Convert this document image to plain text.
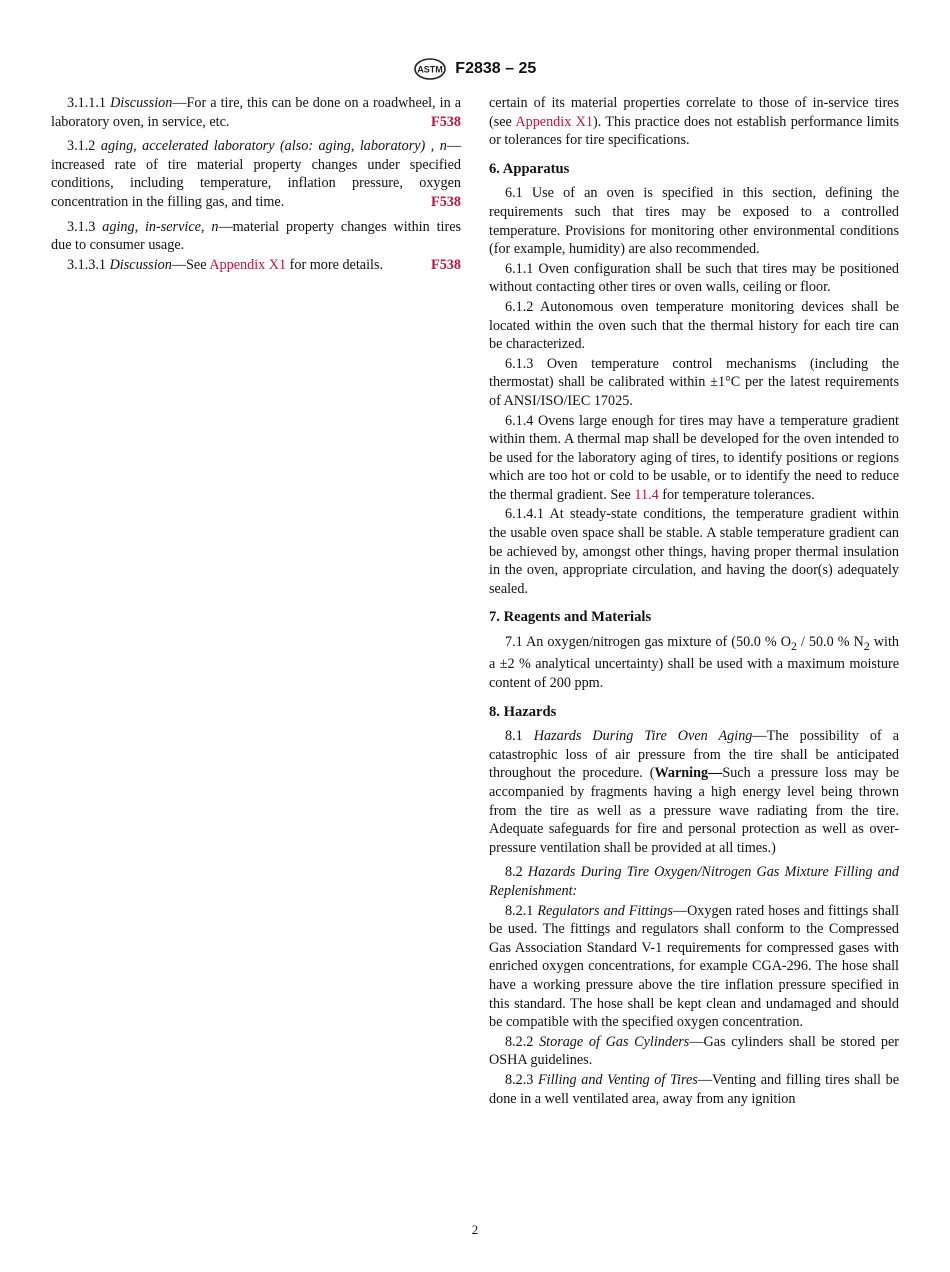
ASTM F2838 – 25

3.1.1.1 Discussion—For a tire, this can be done on a roadwheel, in a laboratory oven, in service, etc.	F538

3.1.2 aging, accelerated laboratory (also: aging, laboratory) , n—increased rate of tire material property changes under specified conditions, including temperature, inflation pressure, oxygen concentration in the filling gas, and time.	F538

3.1.3 aging, in-service, n—material property changes within tires due to consumer usage.

3.1.3.1 Discussion—See Appendix X1 for more details.	F538

certain of its material properties correlate to those of in-service tires (see Appendix X1). This practice does not establish performance limits or tolerances for tire specifications.

6. Apparatus

6.1 Use of an oven is specified in this section, defining the requirements such that tires may be exposed to a controlled temperature. Provisions for monitoring other environmental conditions (for example, humidity) are also recommended.

6.1.1 Oven configuration shall be such that tires may be positioned without contacting other tires or oven walls, ceiling or floor.

6.1.2 Autonomous oven temperature monitoring devices shall be located within the oven such that the thermal history for each tire can be characterized.

6.1.3 Oven temperature control mechanisms (including the thermostat) shall be calibrated within ±1°C per the latest requirements of ANSI/ISO/IEC 17025.

6.1.4 Ovens large enough for tires may have a temperature gradient within them. A thermal map shall be developed for the oven intended to be used for the laboratory aging of tires, to identify positions or regions which are too hot or cold to be usable, or to identify the need to reduce the thermal gradient. See 11.4 for temperature tolerances.

6.1.4.1 At steady-state conditions, the temperature gradient within the usable oven space shall be stable. A stable temperature gradient can be achieved by, amongst other things, having proper thermal insulation in the oven, appropriate circulation, and having the door(s) adequately sealed.

7. Reagents and Materials

7.1 An oxygen/nitrogen gas mixture of (50.0 % $O_2 / 50.0$ % $N_2$ with a ±2 % analytical uncertainty) shall be used with a maximum moisture content of 200 ppm.

8. Hazards

8.1 Hazards During Tire Oven Aging—The possibility of a catastrophic loss of air pressure from the tire shall be anticipated throughout the procedure. (Warning—Such a pressure loss may be accompanied by fragments having a high energy level being thrown from the tire as well as a pressure wave radiating from the tire. Adequate safeguards for fire and personal protection as well as over-pressure ventilation shall be provided at all times.)

8.2 Hazards During Tire Oxygen/Nitrogen Gas Mixture Filling and Replenishment:

8.2.1 Regulators and Fittings—Oxygen rated hoses and fittings shall be used. The fittings and regulators shall conform to the Compressed Gas Association Standard V-1 requirements for compressed gases with enriched oxygen concentrations, for example CGA-296. The hose shall have a working pressure above the tire inflation pressure specified in this standard. The hose shall be kept clean and undamaged and should be compatible with the specified oxygen concentration.

8.2.2 Storage of Gas Cylinders—Gas cylinders shall be stored per OSHA guidelines.

8.2.3 Filling and Venting of Tires—Venting and filling tires shall be done in a well ventilated area, away from any ignition

2
